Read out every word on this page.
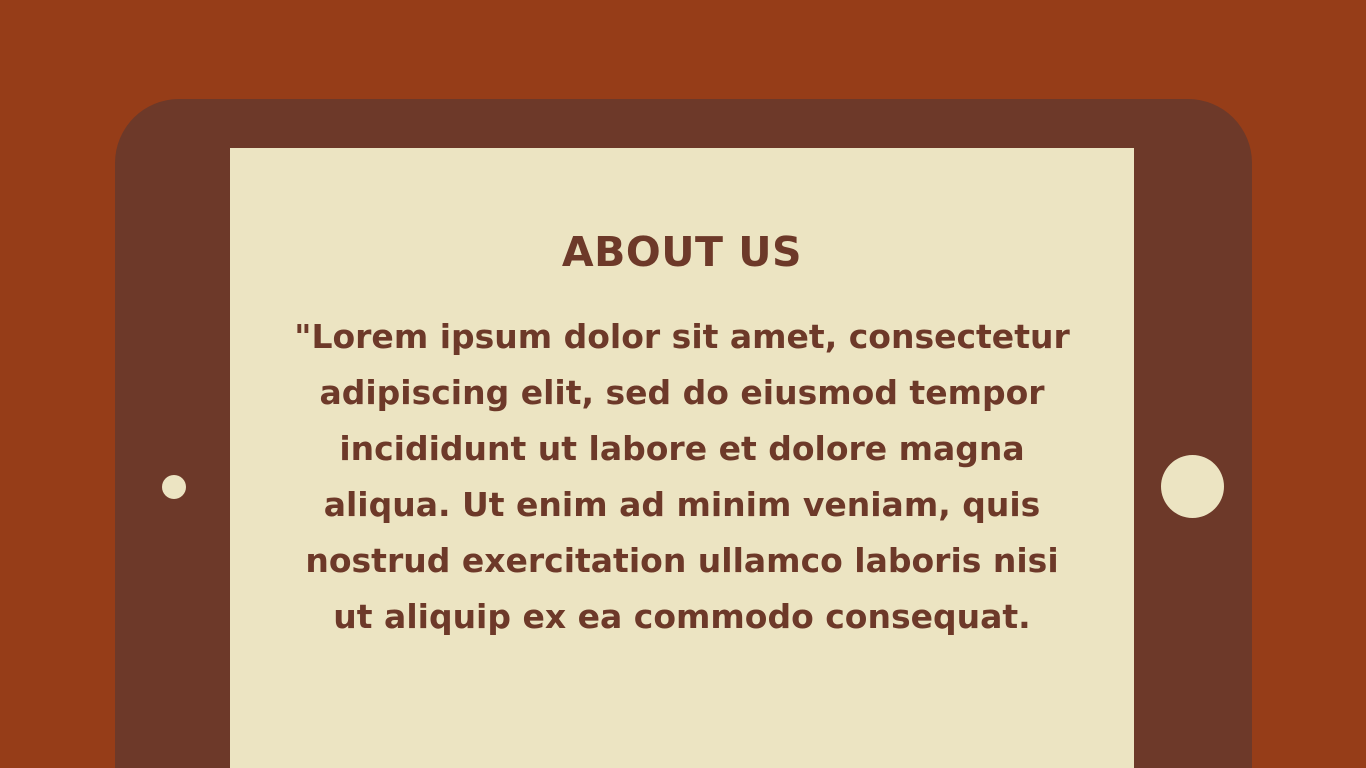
ABOUT US

"Lorem ipsum dolor sit amet, consectetur adipiscing elit, sed do eiusmod tempor incididunt ut labore et dolore magna aliqua. Ut enim ad minim veniam, quis nostrud exercitation ullamco laboris nisi ut aliquip ex ea commodo consequat.
